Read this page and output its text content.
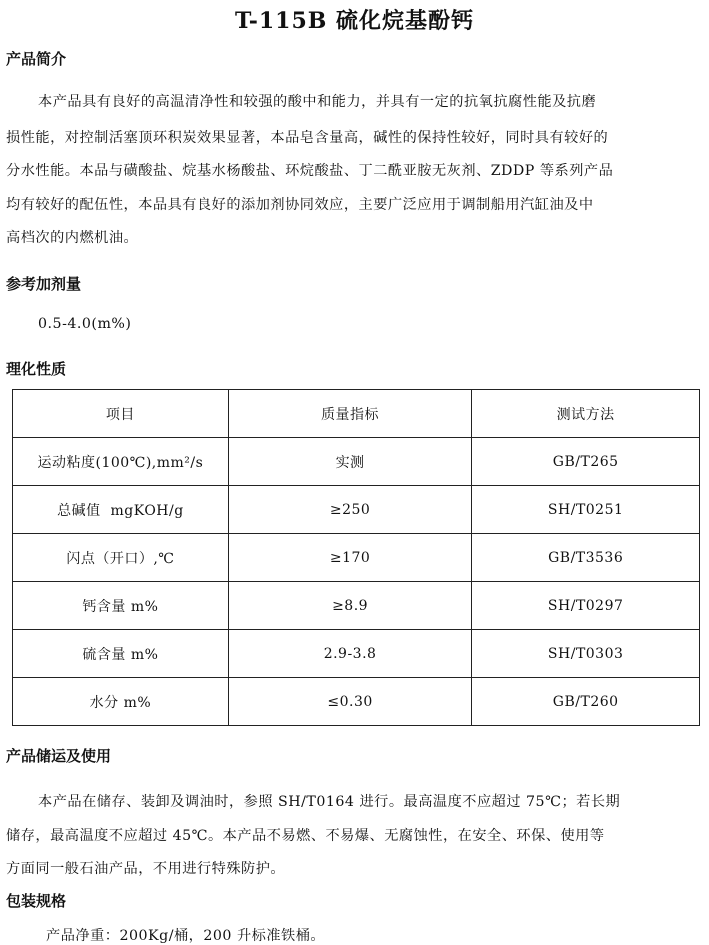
T-115B 硫化烷基酚钙
产品简介
本产品具有良好的高温清净性和较强的酸中和能力，并具有一定的抗氧抗腐性能及抗磨
损性能，对控制活塞顶环积炭效果显著，本品皂含量高，碱性的保持性较好，同时具有较好的
分水性能。本品与磺酸盐、烷基水杨酸盐、环烷酸盐、丁二酰亚胺无灰剂、ZDDP 等系列产品
均有较好的配伍性，本品具有良好的添加剂协同效应，主要广泛应用于调制船用汽缸油及中
高档次的内燃机油。
参考加剂量
0.5-4.0(m%)
理化性质
项目	质量指标	测试方法
运动粘度(100℃),mm²/s	实测	GB/T265
总碱值  mgKOH/g	≥250	SH/T0251
闪点（开口）,℃	≥170	GB/T3536
钙含量 m%	≥8.9	SH/T0297
硫含量 m%	2.9-3.8	SH/T0303
水分 m%	≤0.30	GB/T260
产品储运及使用
本产品在储存、装卸及调油时，参照 SH/T0164 进行。最高温度不应超过 75℃；若长期
储存，最高温度不应超过 45℃。本产品不易燃、不易爆、无腐蚀性，在安全、环保、使用等
方面同一般石油产品，不用进行特殊防护。
包装规格
产品净重：200Kg/桶，200 升标准铁桶。
